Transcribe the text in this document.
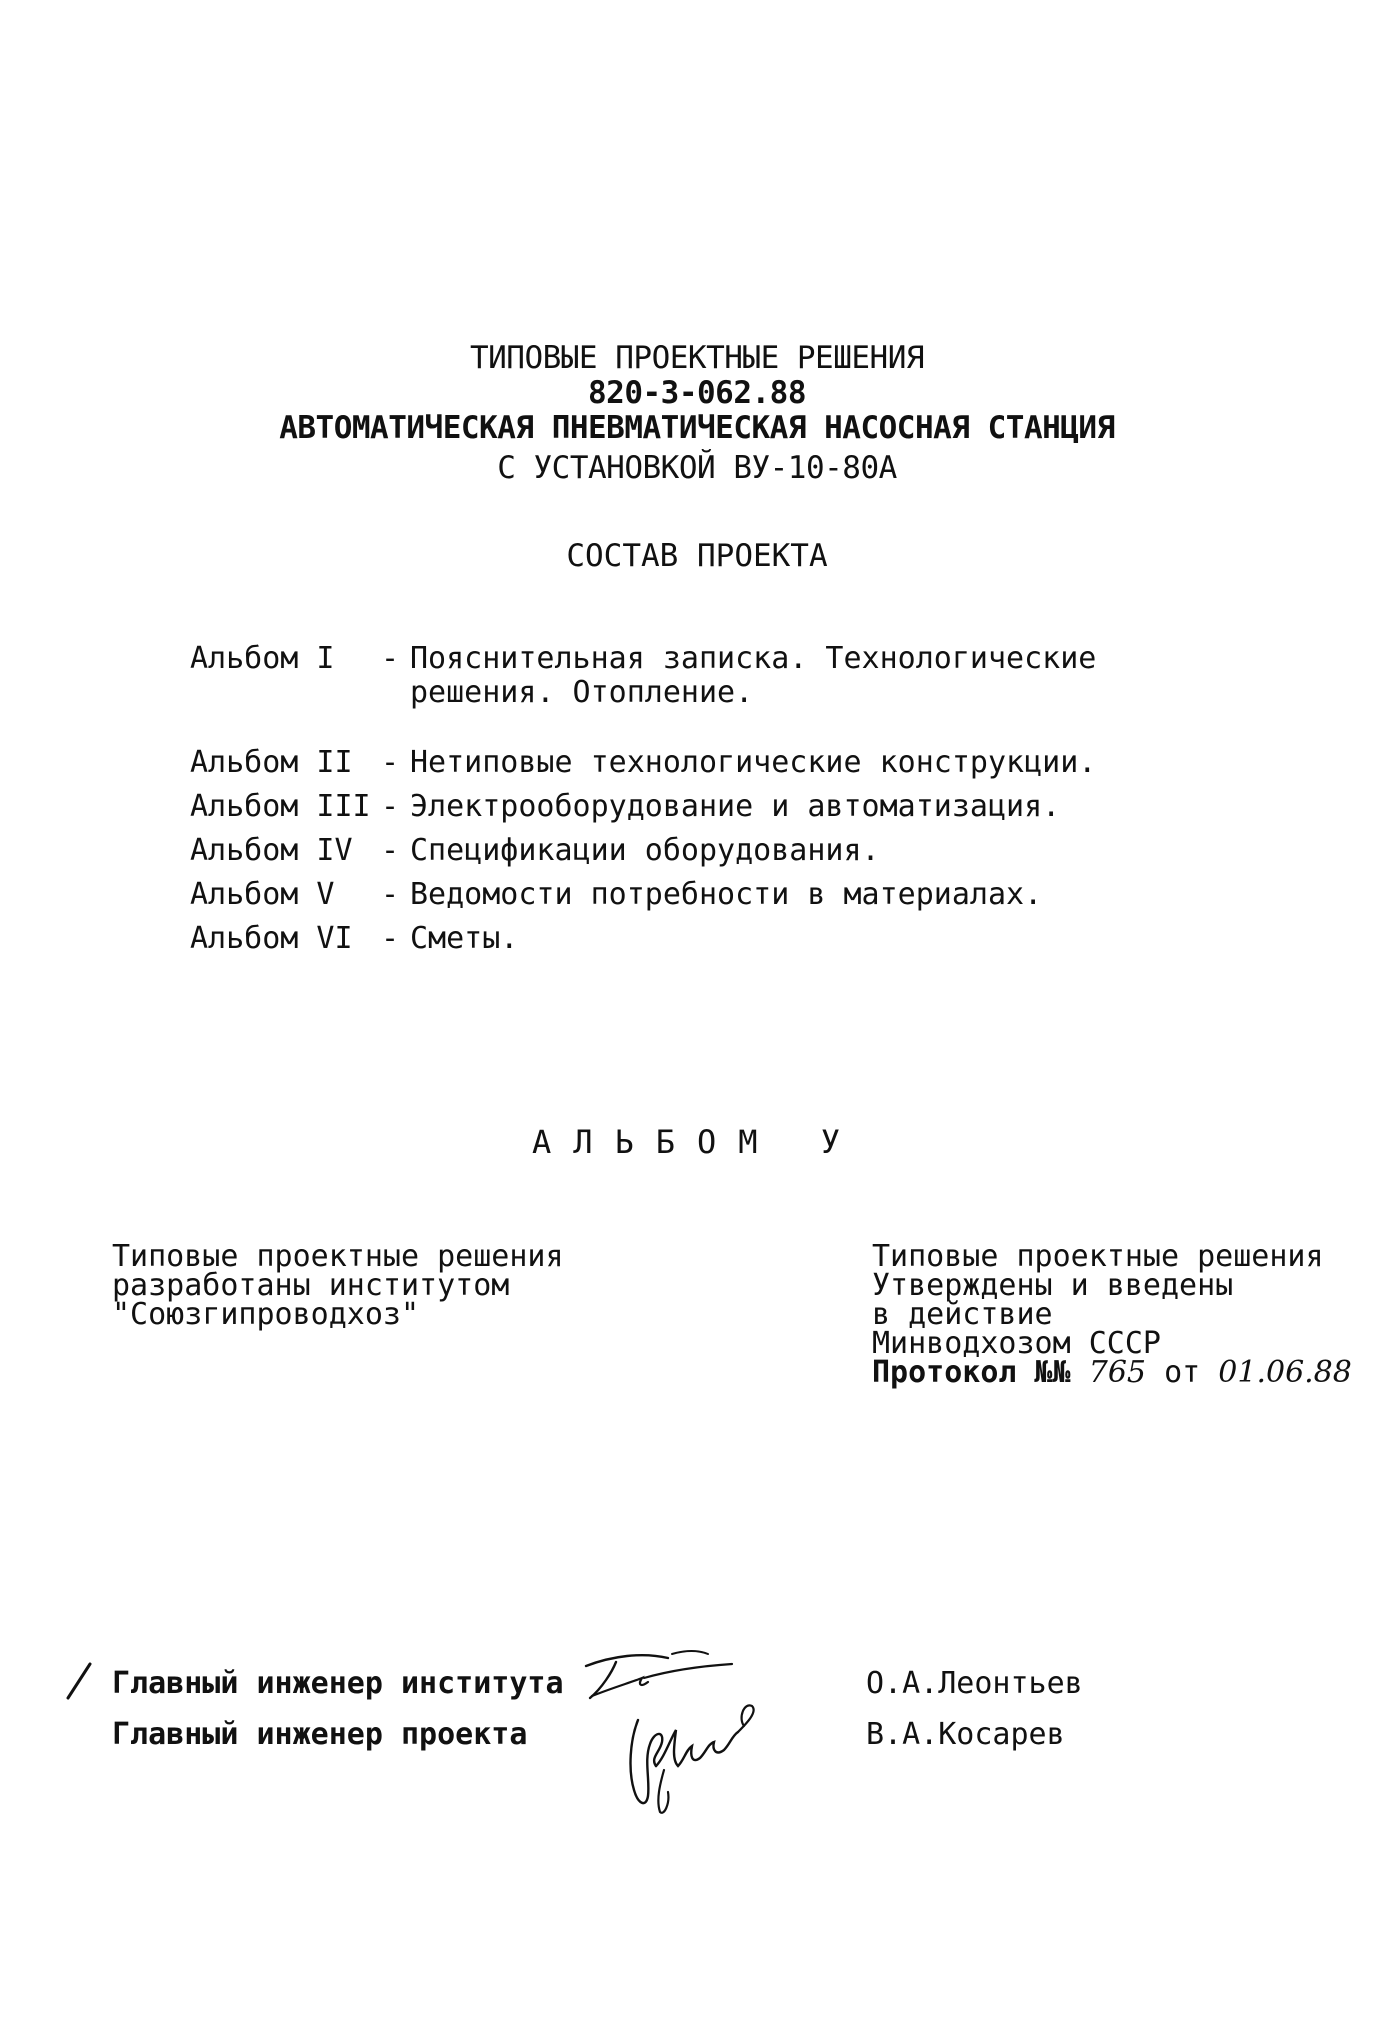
ТИПОВЫЕ ПРОЕКТНЫЕ РЕШЕНИЯ
820-3-062.88
АВТОМАТИЧЕСКАЯ ПНЕВМАТИЧЕСКАЯ НАСОСНАЯ СТАНЦИЯ
С УСТАНОВКОЙ ВУ-10-80А
СОСТАВ ПРОЕКТА
Альбом I	- Пояснительная записка. Технологические
решения. Отопление.
Альбом II - Нетиповые технологические конструкции.
Альбом III - Электрооборудование и автоматизация.
Альбом IV - Спецификации оборудования.
Альбом V	- Ведомости потребности в материалах.
Альбом VI - Сметы.
АЛЬБОМ У
Типовые проектные решения
разработаны институтом
"Союзгипроводхоз"
Типовые проектные решения
Утверждены и введены
в действие
Минводхозом СССР
Протокол №№ 765 от 01.06.88
Главный инженер института	О.А.Леонтьев
Главный инженер проекта	В.А.Косарев
